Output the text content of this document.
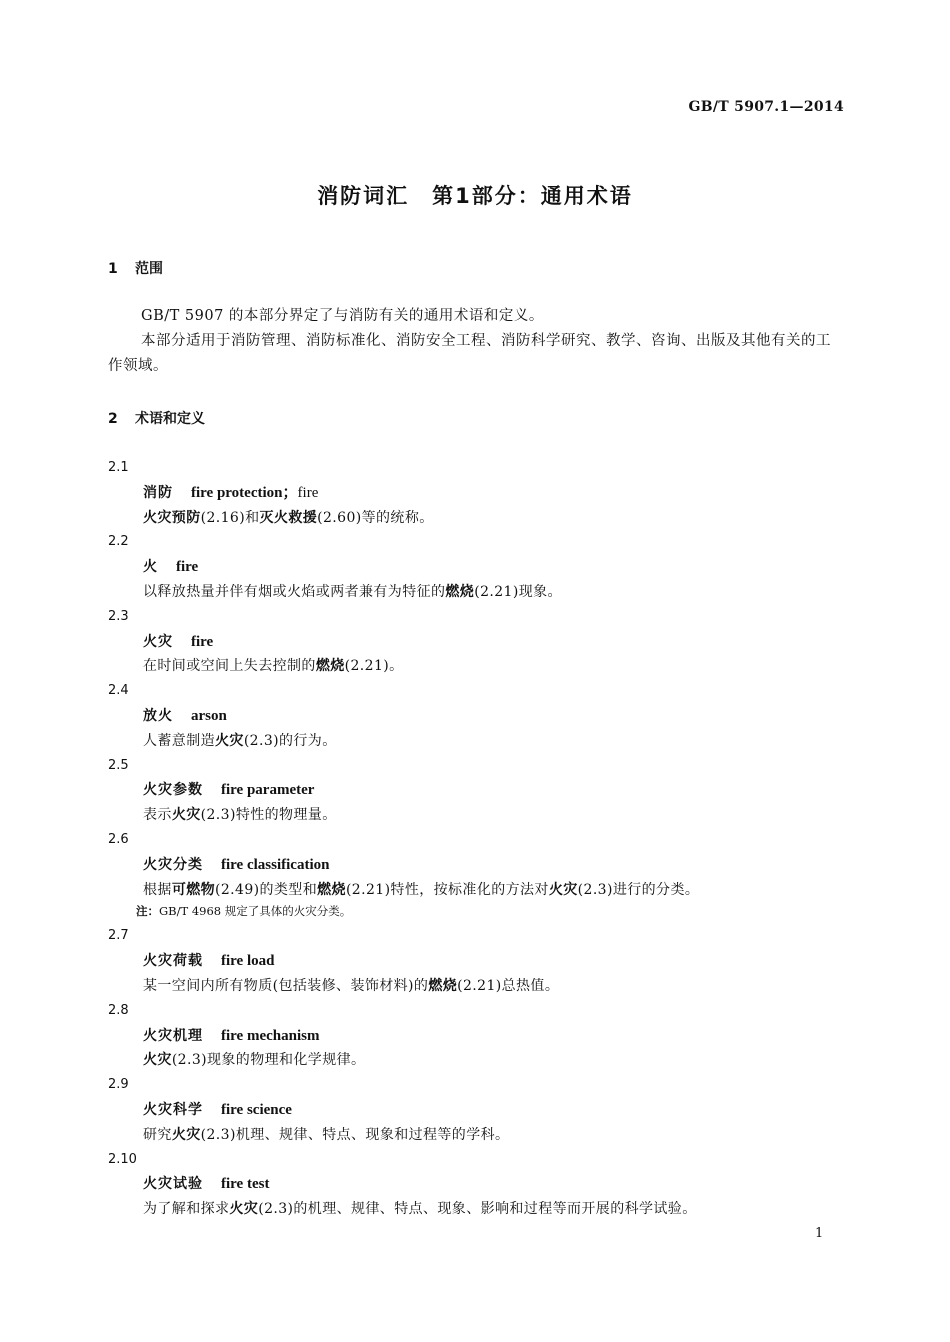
GB/T 5907.1—2014
消防词汇　第1部分：通用术语
1 范围

GB/T 5907 的本部分界定了与消防有关的通用术语和定义。

本部分适用于消防管理、消防标准化、消防安全工程、消防科学研究、教学、咨询、出版及其他有关的工作领域。

2 术语和定义
2.1
消防 fire protection；fire
火灾预防(2.16)和灭火救援(2.60)等的统称。
2.2
火 fire
以释放热量并伴有烟或火焰或两者兼有为特征的燃烧(2.21)现象。
2.3
火灾 fire
在时间或空间上失去控制的燃烧(2.21)。
2.4
放火 arson
人蓄意制造火灾(2.3)的行为。
2.5
火灾参数 fire parameter
表示火灾(2.3)特性的物理量。
2.6
火灾分类 fire classification
根据可燃物(2.49)的类型和燃烧(2.21)特性，按标准化的方法对火灾(2.3)进行的分类。
注：GB/T 4968 规定了具体的火灾分类。
2.7
火灾荷载 fire load
某一空间内所有物质(包括装修、装饰材料)的燃烧(2.21)总热值。
2.8
火灾机理 fire mechanism
火灾(2.3)现象的物理和化学规律。
2.9
火灾科学 fire science
研究火灾(2.3)机理、规律、特点、现象和过程等的学科。
2.10
火灾试验 fire test
为了解和探求火灾(2.3)的机理、规律、特点、现象、影响和过程等而开展的科学试验。
1
